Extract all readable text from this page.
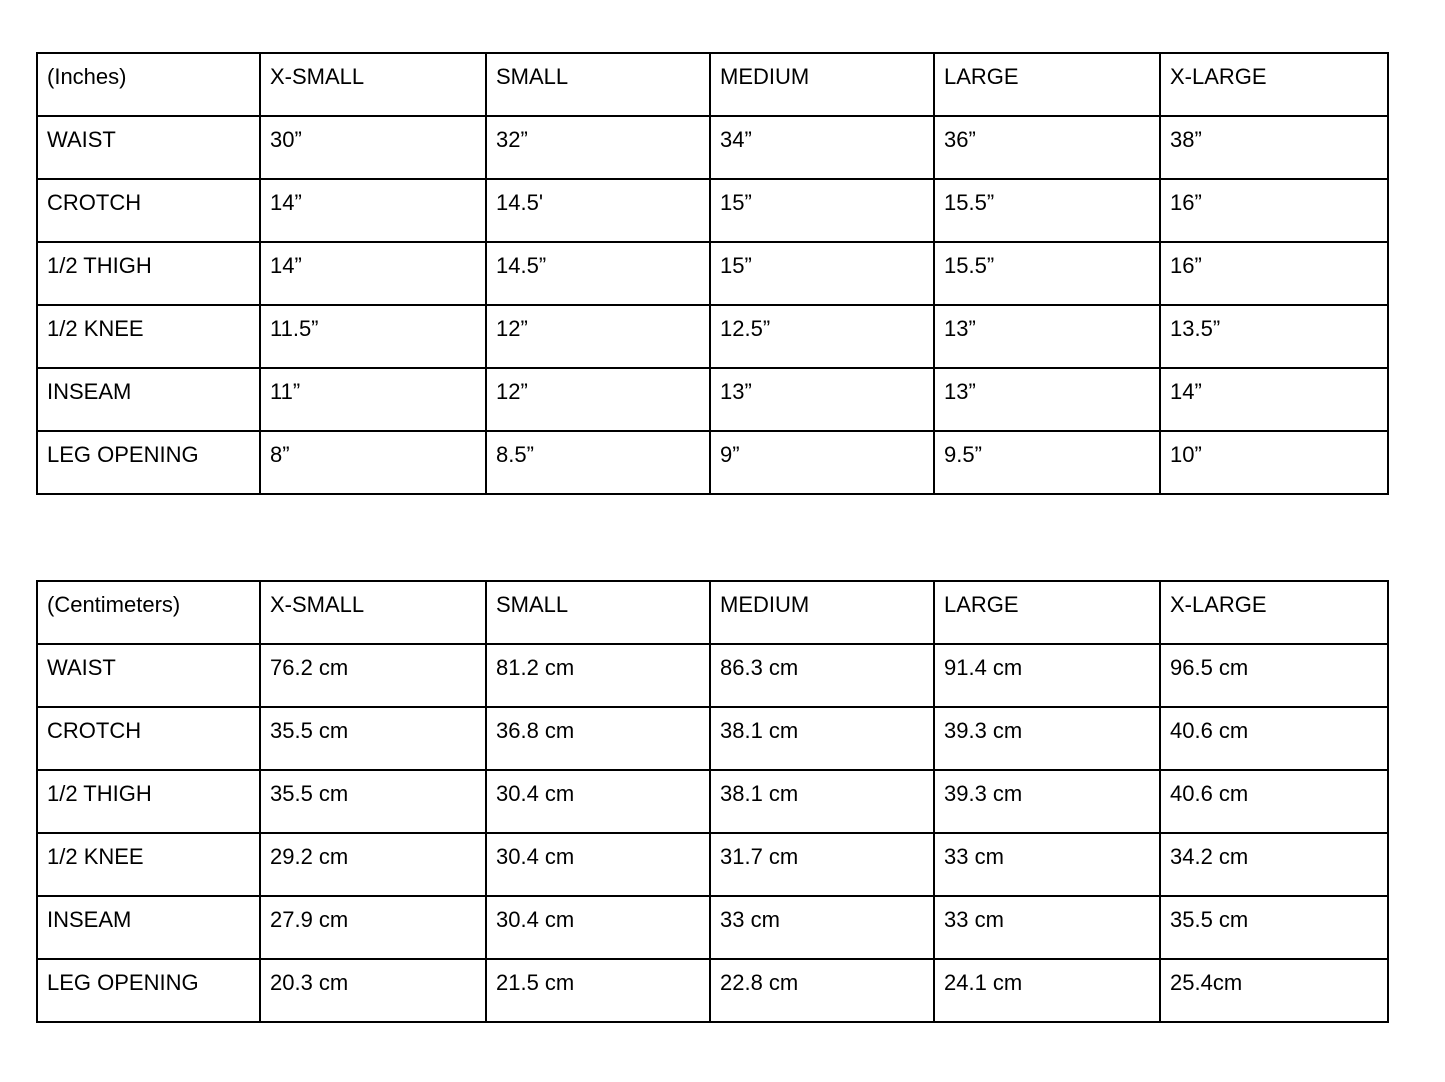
(Inches)	X-SMALL	SMALL	MEDIUM	LARGE	X-LARGE
WAIST	30”	32”	34”	36”	38”
CROTCH	14”	14.5'	15”	15.5”	16”
1/2 THIGH	14”	14.5”	15”	15.5”	16”
1/2 KNEE	11.5”	12”	12.5”	13”	13.5”
INSEAM	11”	12”	13”	13”	14”
LEG OPENING	8”	8.5”	9”	9.5”	10”
(Centimeters)	X-SMALL	SMALL	MEDIUM	LARGE	X-LARGE
WAIST	76.2 cm	81.2 cm	86.3 cm	91.4 cm	96.5 cm
CROTCH	35.5 cm	36.8 cm	38.1 cm	39.3 cm	40.6 cm
1/2 THIGH	35.5 cm	30.4 cm	38.1 cm	39.3 cm	40.6 cm
1/2 KNEE	29.2 cm	30.4 cm	31.7 cm	33 cm	34.2 cm
INSEAM	27.9 cm	30.4 cm	33 cm	33 cm	35.5 cm
LEG OPENING	20.3 cm	21.5 cm	22.8 cm	24.1 cm	25.4cm
